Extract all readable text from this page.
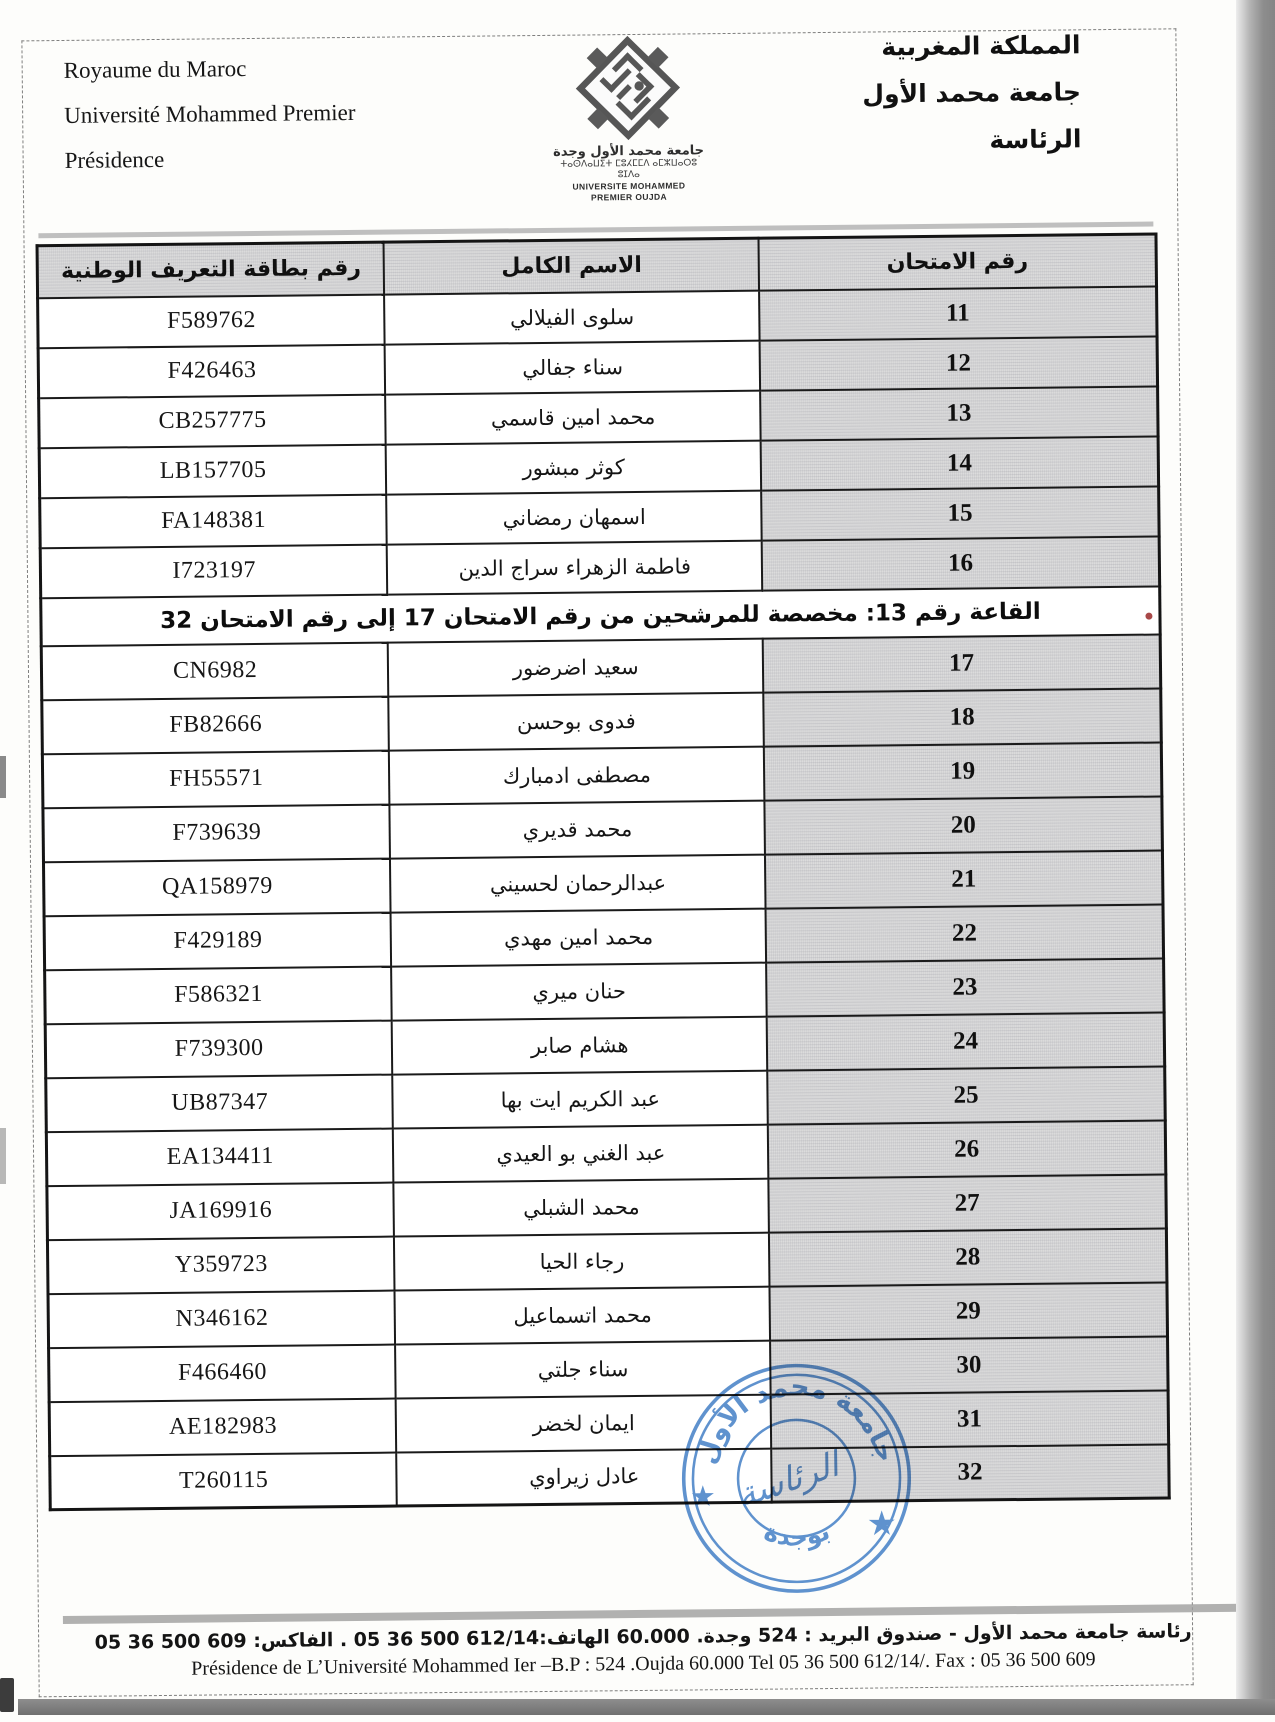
Royaume du Maroc
Université Mohammed Premier
Présidence
المملكة المغربية
جامعة محمد الأول
الرئاسة
جامعة محمد الأول وجدة
ⵜⴰⵙⴷⴰⵡⵉⵜ ⵎⵓⵃⵎⵎⴷ ⴰⵎⵣⵡⴰⵔⵓ ⵓⵊⴷⴰ
UNIVERSITE MOHAMMED PREMIER OUJDA
رقم بطاقة التعريف الوطنية	الاسم الكامل	رقم الامتحان
F589762	سلوى الفيلالي	11
F426463	سناء جفالي	12
CB257775	محمد امين قاسمي	13
LB157705	كوثر مبشور	14
FA148381	اسمهان رمضاني	15
I723197	فاطمة الزهراء سراج الدين	16
القاعة رقم 13: مخصصة للمرشحين من رقم الامتحان 17 إلى رقم الامتحان 32		
CN6982	سعيد اضرضور	17
FB82666	فدوى بوحسن	18
FH55571	مصطفى ادمبارك	19
F739639	محمد قديري	20
QA158979	عبدالرحمان لحسيني	21
F429189	محمد امين مهدي	22
F586321	حنان ميري	23
F739300	هشام صابر	24
UB87347	عبد الكريم ايت بها	25
EA134411	عبد الغني بو العيدي	26
JA169916	محمد الشبلي	27
Y359723	رجاء الحيا	28
N346162	محمد اتسماعيل	29
F466460	سناء جلتي	30
AE182983	ايمان لخضر	31
T260115	عادل زيراوي	32
جامعة محمد الأول
بوجدة
الرئاسة
★
★
رئاسة جامعة محمد الأول - صندوق البريد : 524 وجدة. 60.000 الهاتف:‎05 36 500 612/14‎ . الفاكس: ‎05 36 500 609
Présidence de L’Université Mohammed Ier –B.P : 524 .Oujda 60.000 Tel 05 36 500 612/14/. Fax : 05 36 500 609
